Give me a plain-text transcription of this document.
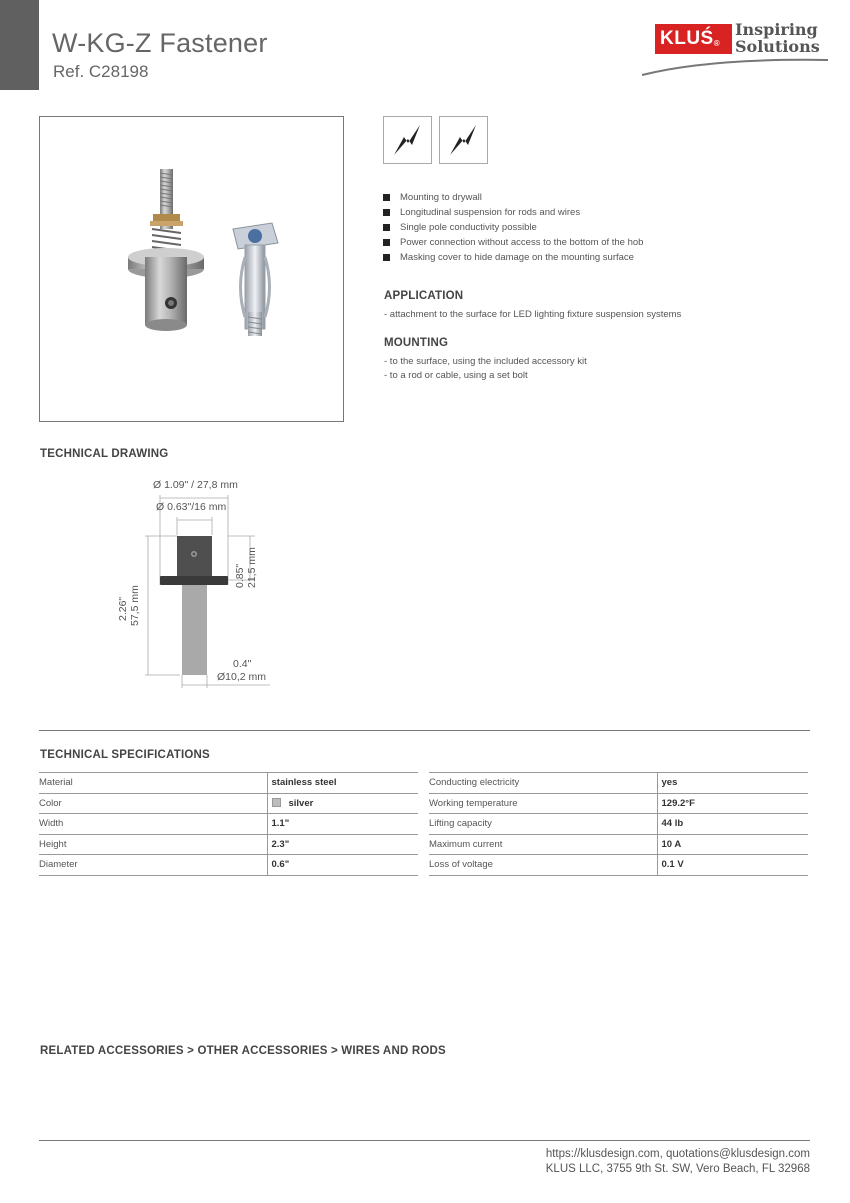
W-KG-Z Fastener
Ref. C28198
KLUŚ®
Inspiring
Solutions
Mounting to drywall
Longitudinal suspension for rods and wires
Single pole conductivity possible
Power connection without access to the bottom of the hob
Masking cover to hide damage on the mounting surface
APPLICATION
- attachment to the surface for LED lighting fixture suspension systems
MOUNTING
- to the surface, using the included accessory kit
- to a rod or cable, using a set bolt
TECHNICAL DRAWING
Ø 1.09" / 27,8 mm
Ø 0.63"/16 mm
0.85" 21,5 mm
2.26" 57,5 mm
0.4"
Ø10,2 mm
TECHNICAL SPECIFICATIONS
Material	stainless steel
Color	silver
Width	1.1"
Height	2.3"
Diameter	0.6"
Conducting electricity	yes
Working temperature	129.2°F
Lifting capacity	44 lb
Maximum current	10 A
Loss of voltage	0.1 V
RELATED ACCESSORIES > OTHER ACCESSORIES > WIRES AND RODS
https://klusdesign.com, quotations@klusdesign.com
KLUS LLC, 3755 9th St. SW, Vero Beach, FL 32968
